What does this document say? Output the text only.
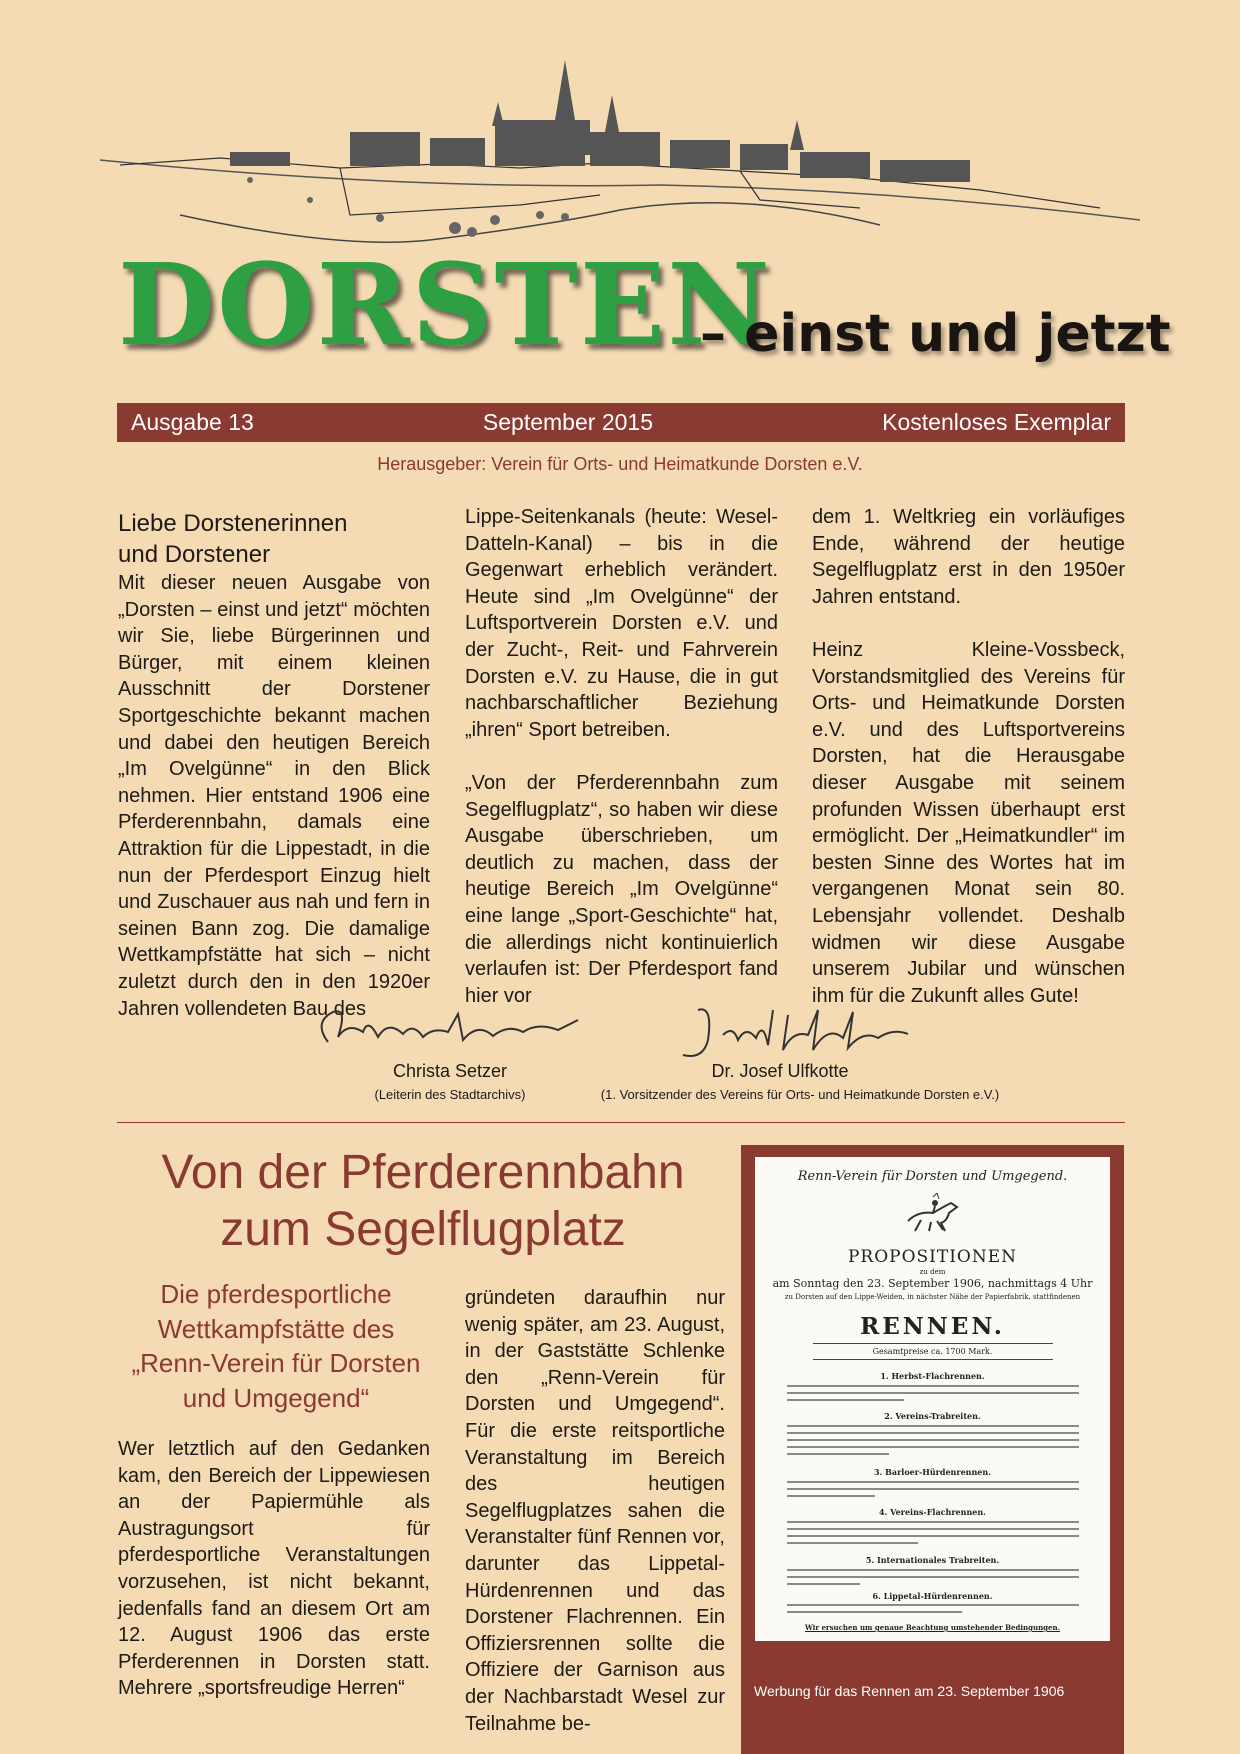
DORSTEN
– einst und jetzt
Ausgabe 13	September 2015	Kostenloses Exemplar
Herausgeber: Verein für Orts- und Heimatkunde Dorsten e.V.
Liebe Dorstenerinnen
und Dorstener

Mit dieser neuen Ausgabe von „Dorsten – einst und jetzt“ möchten wir Sie, liebe Bürgerinnen und Bürger, mit einem kleinen Ausschnitt der Dorstener Sportgeschichte bekannt machen und dabei den heutigen Bereich „Im Ovelgünne“ in den Blick nehmen. Hier entstand 1906 eine Pferderennbahn, damals eine Attraktion für die Lippestadt, in die nun der Pferdesport Einzug hielt und Zuschauer aus nah und fern in seinen Bann zog. Die damalige Wettkampfstätte hat sich – nicht zuletzt durch den in den 1920er Jahren vollendeten Bau des

Lippe-Seitenkanals (heute: Wesel-Datteln-Kanal) – bis in die Gegenwart erheblich verändert. Heute sind „Im Ovelgünne“ der Luftsportverein Dorsten e.V. und der Zucht-, Reit- und Fahrverein Dorsten e.V. zu Hause, die in gut nachbarschaftlicher Beziehung „ihren“ Sport betreiben.

„Von der Pferderennbahn zum Segelflugplatz“, so haben wir diese Ausgabe überschrieben, um deutlich zu machen, dass der heutige Bereich „Im Ovelgünne“ eine lange „Sport-Geschichte“ hat, die allerdings nicht kontinuierlich verlaufen ist: Der Pferdesport fand hier vor

dem 1. Weltkrieg ein vorläufiges Ende, während der heutige Segelflugplatz erst in den 1950er Jahren entstand.

Heinz Kleine-Vossbeck, Vorstandsmitglied des Vereins für Orts- und Heimatkunde Dorsten e.V. und des Luftsportvereins Dorsten, hat die Herausgabe dieser Ausgabe mit seinem profunden Wissen überhaupt erst ermöglicht. Der „Heimatkundler“ im besten Sinne des Wortes hat im vergangenen Monat sein 80. Lebensjahr vollendet. Deshalb widmen wir diese Ausgabe unserem Jubilar und wünschen ihm für die Zukunft alles Gute!

Christa Setzer
(Leiterin des Stadtarchivs)
Dr. Josef Ulfkotte
(1. Vorsitzender des Vereins für Orts- und Heimatkunde Dorsten e.V.)
Von der Pferderennbahn
zum Segelflugplatz
Die pferdesportliche Wettkampfstätte des „Renn-Verein für Dorsten und Umgegend“

Wer letztlich auf den Gedanken kam, den Bereich der Lippewiesen an der Papiermühle als Austragungsort für pferdesportliche Veranstaltungen vorzusehen, ist nicht bekannt, jedenfalls fand an diesem Ort am 12. August 1906 das erste Pferderennen in Dorsten statt. Mehrere „sportsfreudige Herren“

gründeten daraufhin nur wenig später, am 23. August, in der Gaststätte Schlenke den „Renn-Verein für Dorsten und Umgegend“. Für die erste reitsportliche Veranstaltung im Bereich des heutigen Segelflugplatzes sahen die Veranstalter fünf Rennen vor, darunter das Lippetal-Hürdenrennen und das Dorstener Flachrennen. Ein Offiziersrennen sollte die Offiziere der Garnison aus der Nachbarstadt Wesel zur Teilnahme be-

Renn-Verein für Dorsten und Umgegend.
PROPOSITIONEN
zu dem
am Sonntag den 23. September 1906, nachmittags 4 Uhr
zu Dorsten auf den Lippe-Weiden, in nächster Nähe der Papierfabrik, stattfindenen
RENNEN.
Gesamtpreise ca. 1700 Mark.
1. Herbst-Flachrennen.
2. Vereins-Trabreiten.
3. Barloer-Hürdenrennen.
4. Vereins-Flachrennen.
5. Internationales Trabreiten.
6. Lippetal-Hürdenrennen.
Wir ersuchen um genaue Beachtung umstehender Bedingungen.
Werbung für das Rennen am 23. September 1906
